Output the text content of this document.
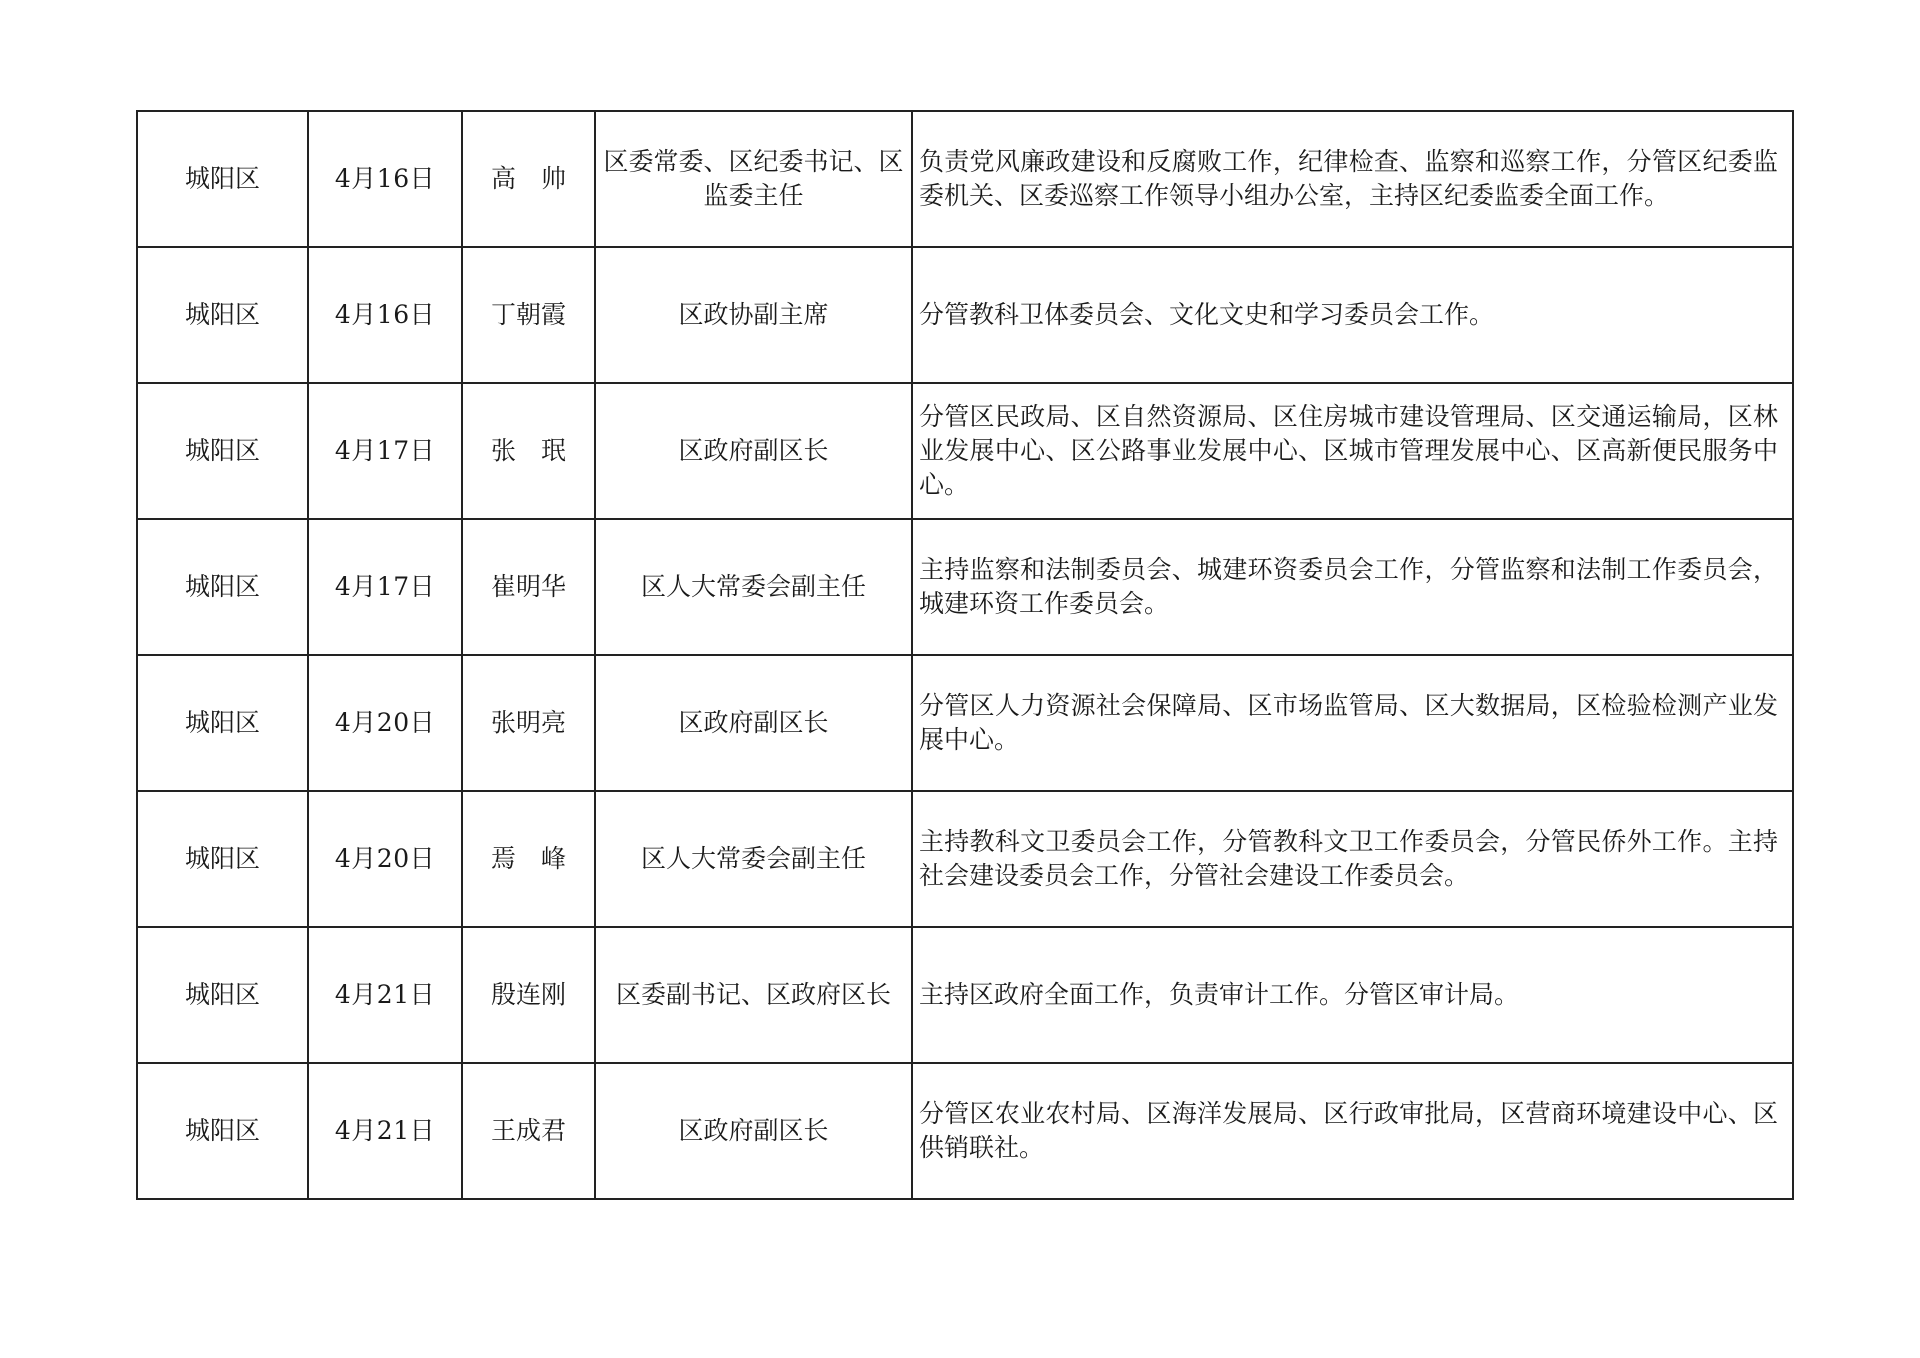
城阳区	4月16日	高　帅	区委常委、区纪委书记、区监委主任	负责党风廉政建设和反腐败工作，纪律检查、监察和巡察工作，分管区纪委监委机关、区委巡察工作领导小组办公室，主持区纪委监委全面工作。
城阳区	4月16日	丁朝霞	区政协副主席	分管教科卫体委员会、文化文史和学习委员会工作。
城阳区	4月17日	张　珉	区政府副区长	分管区民政局、区自然资源局、区住房城市建设管理局、区交通运输局，区林业发展中心、区公路事业发展中心、区城市管理发展中心、区高新便民服务中心。
城阳区	4月17日	崔明华	区人大常委会副主任	主持监察和法制委员会、城建环资委员会工作，分管监察和法制工作委员会，城建环资工作委员会。
城阳区	4月20日	张明亮	区政府副区长	分管区人力资源社会保障局、区市场监管局、区大数据局，区检验检测产业发展中心。
城阳区	4月20日	焉　峰	区人大常委会副主任	主持教科文卫委员会工作，分管教科文卫工作委员会，分管民侨外工作。主持社会建设委员会工作，分管社会建设工作委员会。
城阳区	4月21日	殷连刚	区委副书记、区政府区长	主持区政府全面工作，负责审计工作。分管区审计局。
城阳区	4月21日	王成君	区政府副区长	分管区农业农村局、区海洋发展局、区行政审批局，区营商环境建设中心、区供销联社。
